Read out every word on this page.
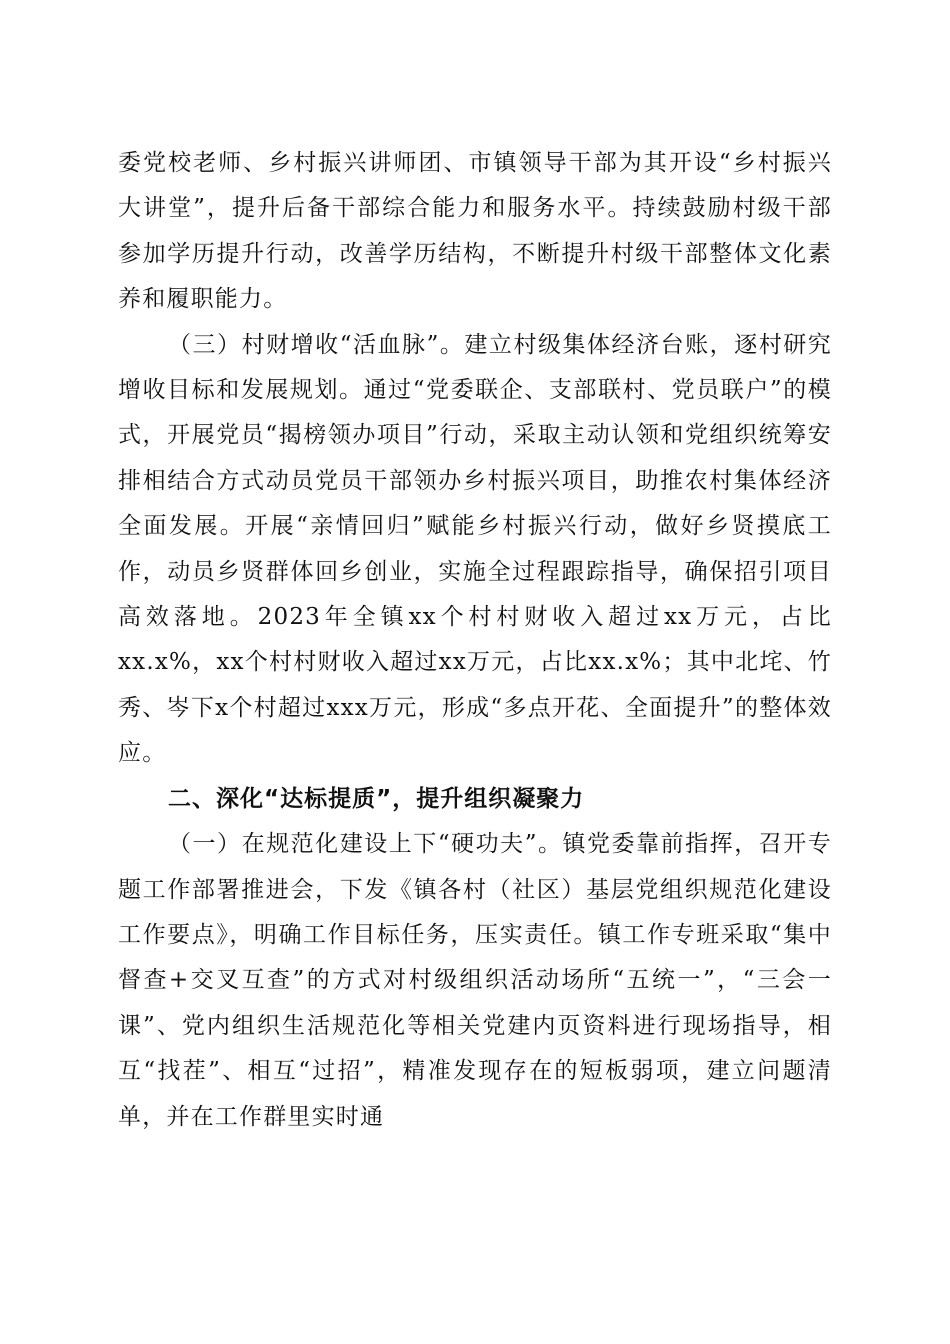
委党校老师、乡村振兴讲师团、市镇领导干部为其开设“乡村振兴大讲堂”，提升后备干部综合能力和服务水平。持续鼓励村级干部参加学历提升行动，改善学历结构，不断提升村级干部整体文化素养和履职能力。

（三）村财增收“活血脉”。建立村级集体经济台账，逐村研究增收目标和发展规划。通过“党委联企、支部联村、党员联户”的模式，开展党员“揭榜领办项目”行动，采取主动认领和党组织统筹安排相结合方式动员党员干部领办乡村振兴项目，助推农村集体经济全面发展。开展“亲情回归”赋能乡村振兴行动，做好乡贤摸底工作，动员乡贤群体回乡创业，实施全过程跟踪指导，确保招引项目高效落地。2023年全镇xx个村村财收入超过xx万元，占比xx.x%，xx个村村财收入超过xx万元，占比xx.x%；其中北垞、竹秀、岑下x个村超过xxx万元，形成“多点开花、全面提升”的整体效应。

二、深化“达标提质”，提升组织凝聚力

（一）在规范化建设上下“硬功夫”。镇党委靠前指挥，召开专题工作部署推进会，下发《镇各村（社区）基层党组织规范化建设工作要点》，明确工作目标任务，压实责任。镇工作专班采取“集中督查+交叉互查”的方式对村级组织活动场所“五统一”，“三会一课”、党内组织生活规范化等相关党建内页资料进行现场指导，相互“找茬”、相互“过招”，精准发现存在的短板弱项，建立问题清单，并在工作群里实时通
